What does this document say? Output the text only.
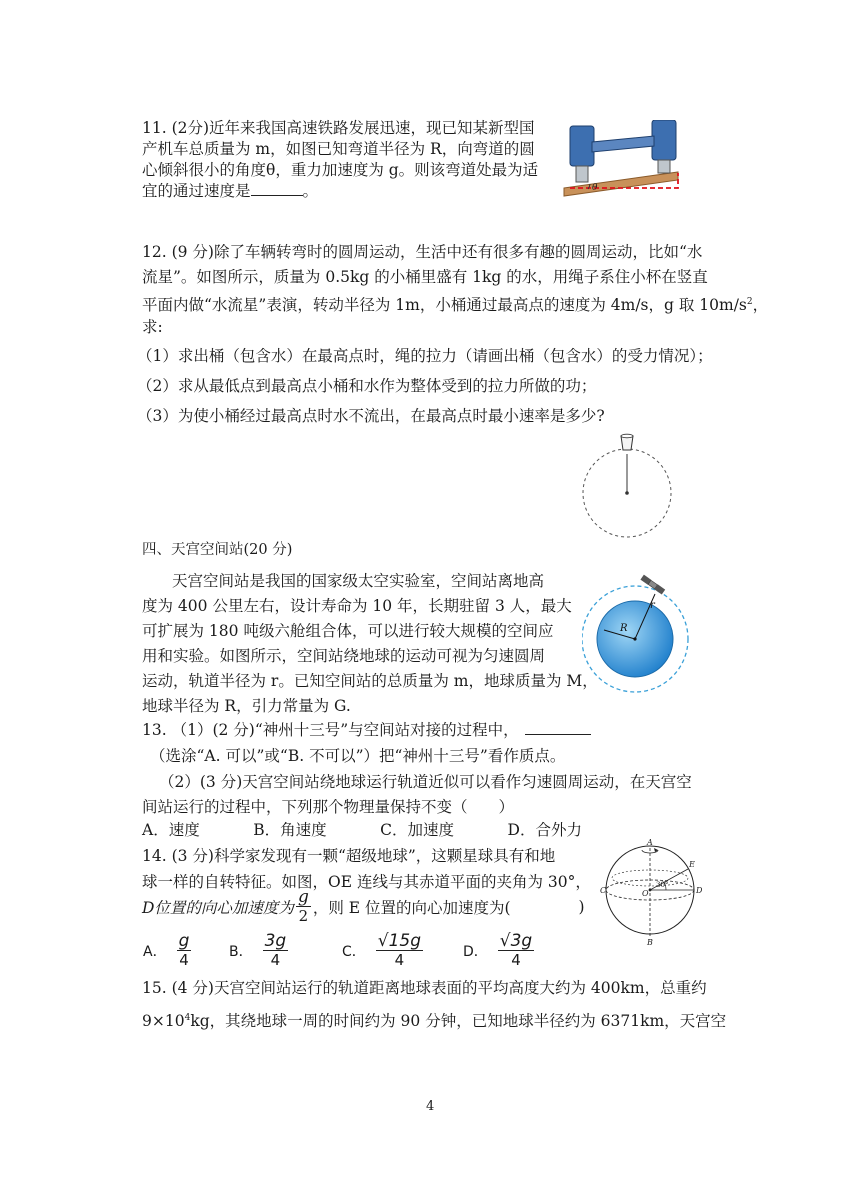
11. (2分)近年来我国高速铁路发展迅速，现已知某新型国产机车总质量为 m，如图已知弯道半径为 R，向弯道的圆心倾斜很小的角度θ，重力加速度为 g。则该弯道处最为适宜的通过速度是	。	θ
12. (9 分)除了车辆转弯时的圆周运动，生活中还有很多有趣的圆周运动，比如“水
流星”。如图所示，质量为 0.5kg 的小桶里盛有 1kg 的水，用绳子系住小杯在竖直
平面内做“水流星”表演，转动半径为 1m，小桶通过最高点的速度为 4m/s，g 取 $10m/s^2$，
求:
（1）求出桶（包含水）在最高点时，绳的拉力（请画出桶（包含水）的受力情况）；
（2）求从最低点到最高点小桶和水作为整体受到的拉力所做的功；
（3）为使小桶经过最高点时水不流出，在最高点时最小速率是多少?
四、天宫空间站(20 分)
天宫空间站是我国的国家级太空实验室，空间站离地高
度为 400 公里左右，设计寿命为 10 年，长期驻留 3 人，最大
可扩展为 180 吨级六舱组合体，可以进行较大规模的空间应
用和实验。如图所示，空间站绕地球的运动可视为匀速圆周
运动，轨道半径为 r。已知空间站的总质量为 m，地球质量为 M，
地球半径为 R，引力常量为 G.
R
r
13. （1）(2 分)“神州十三号”与空间站对接的过程中，
（选涂“A. 可以”或“B. 不可以”）把“神州十三号”看作质点。
（2）(3 分)天宫空间站绕地球运行轨道近似可以看作匀速圆周运动，在天宫空
间站运行的过程中，下列那个物理量保持不变（　　）
A．速度	B．角速度	C．加速度	D．合外力
14. (3 分)科学家发现有一颗“超级地球”，这颗星球具有和地
球一样的自转特征。如图，OE 连线与其赤道平面的夹角为 30°，
D位置的向心加速度为 $\frac{g}{2}$ ，则 E 位置的向心加速度为(	)
A． $\frac{g}{4}$	B． $\frac{3g}{4}$	C． $\frac{√15g}{4}$	D． $\frac{√3g}{4}$
A
B
C	D
E
O
30°
15. (4 分)天宫空间站运行的轨道距离地球表面的平均高度大约为 400km，总重约
$9\times 10^4kg$，其绕地球一周的时间约为 90 分钟，已知地球半径约为 6371km，天宫空
4
